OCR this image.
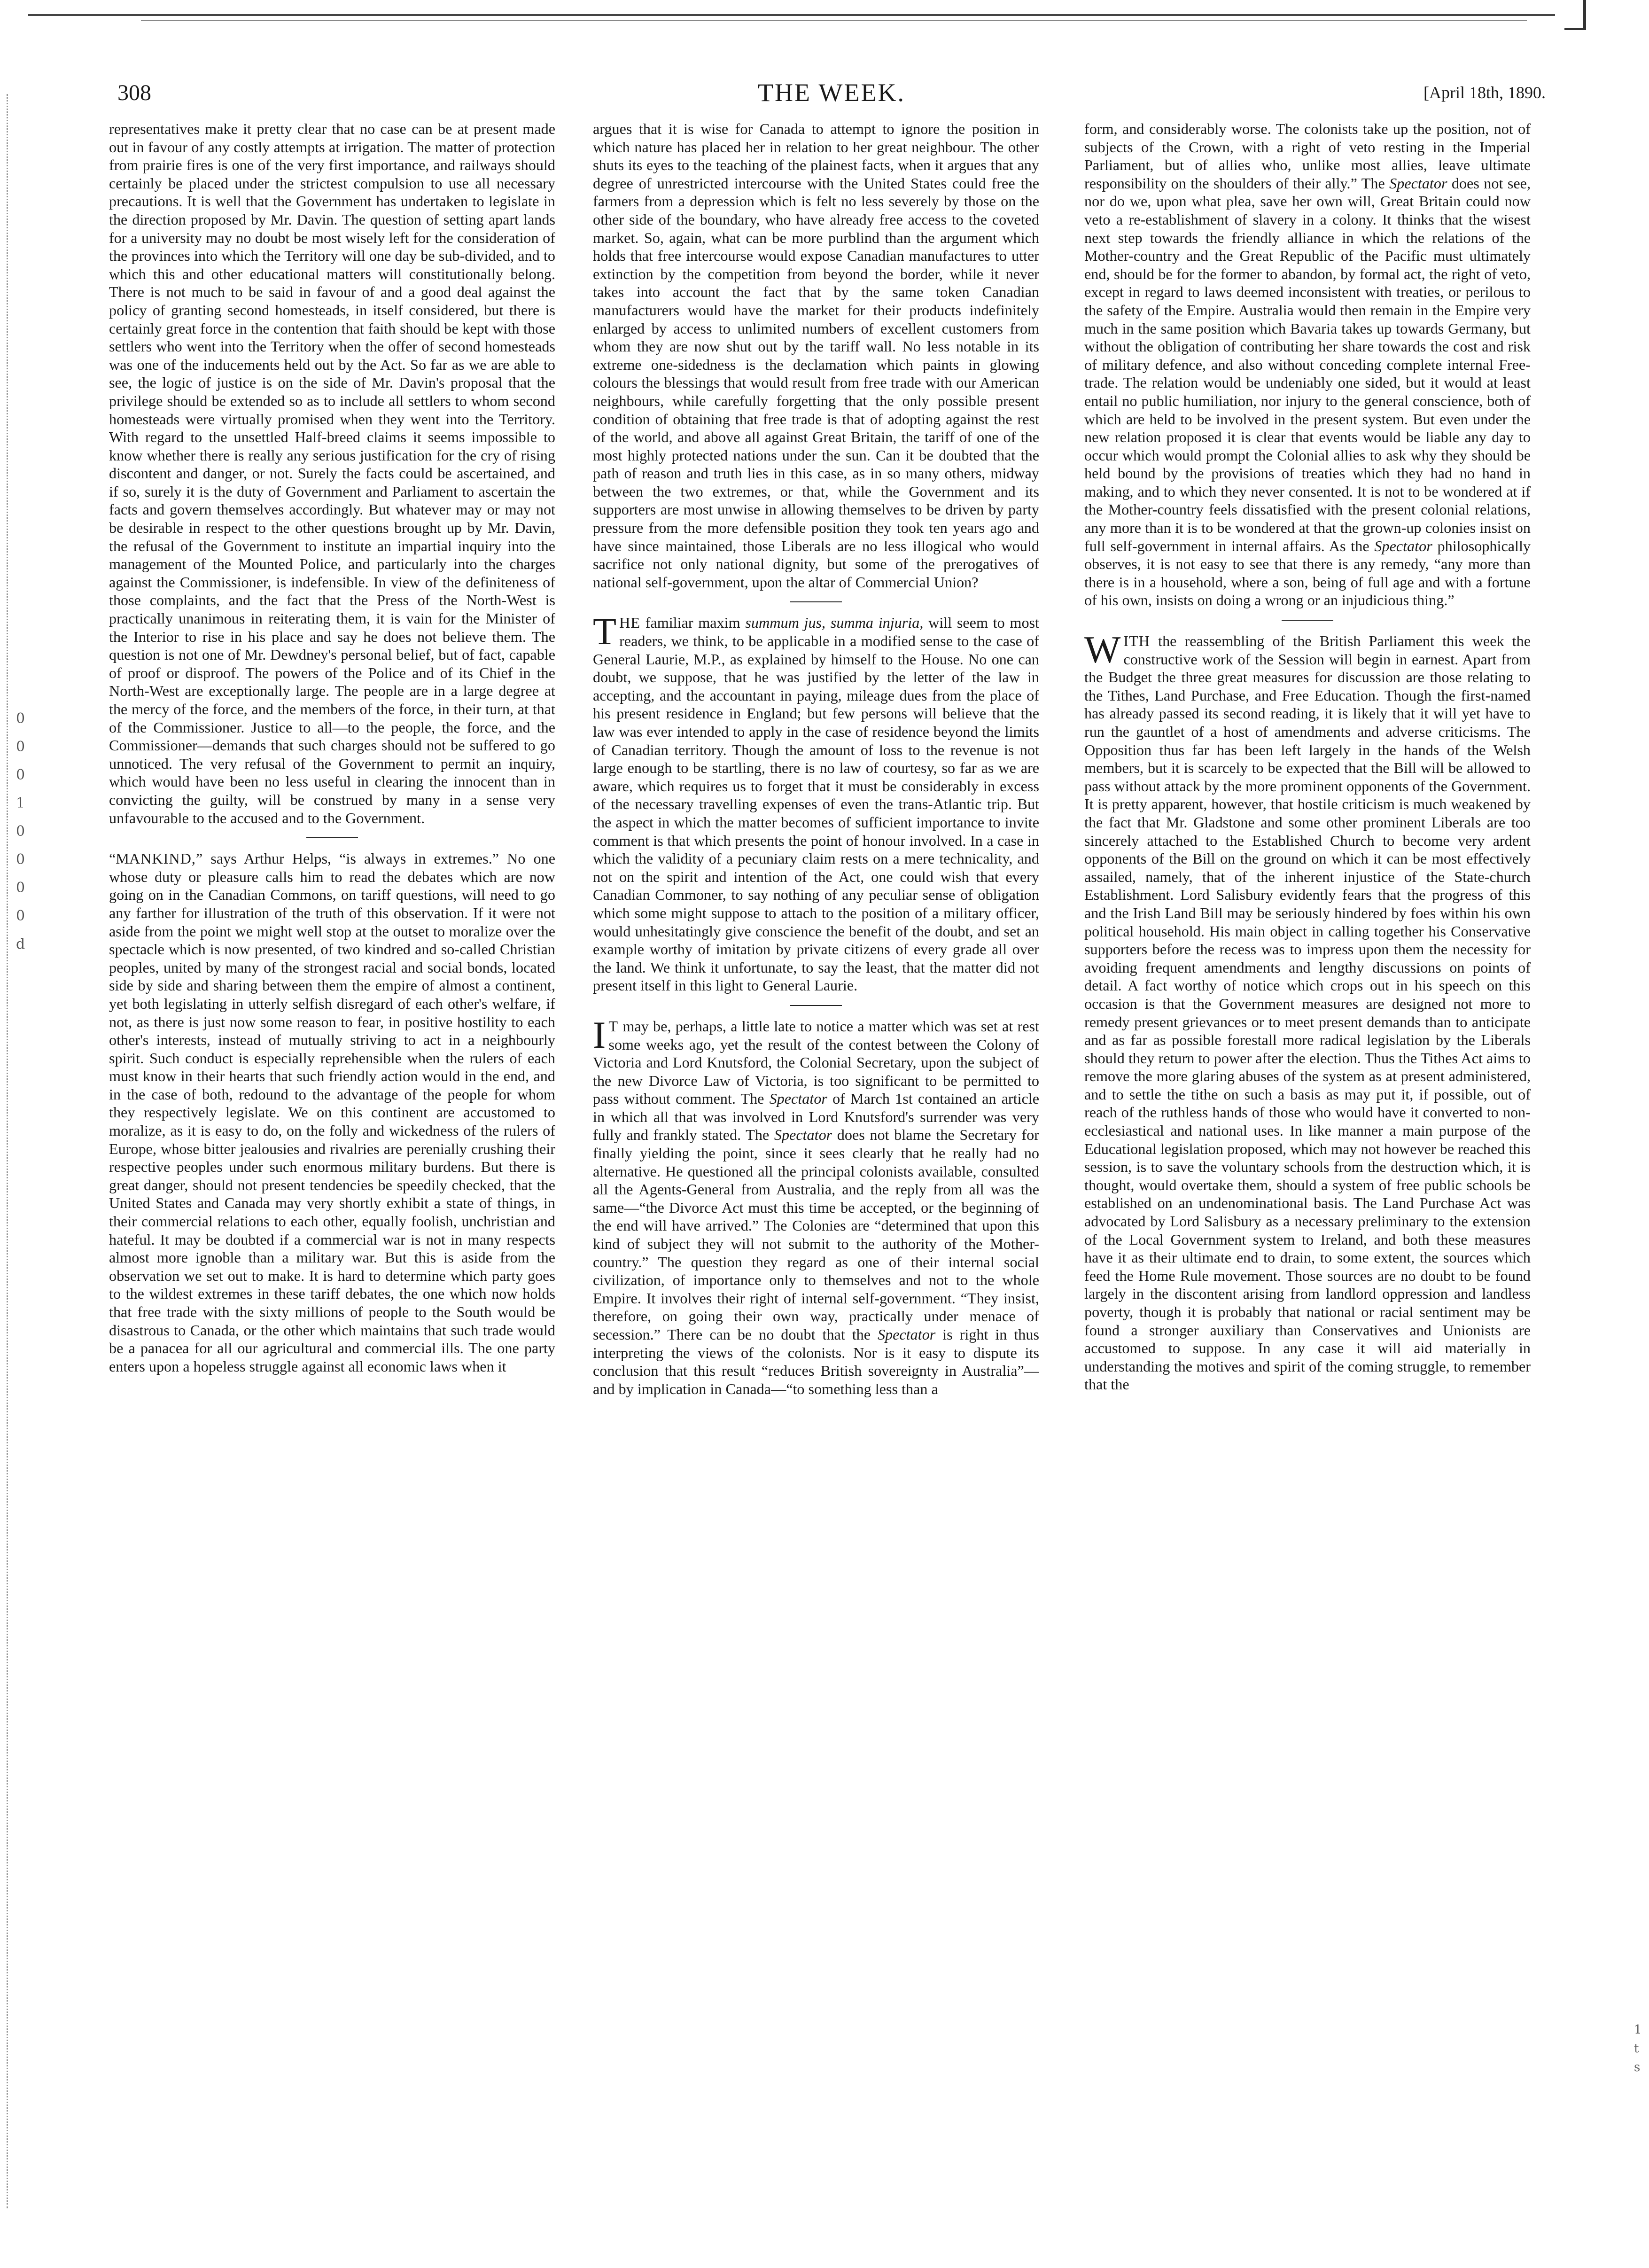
0
0
0
1
0
0
0
0
d
1
t
s
308	THE WEEK.	[April 18th, 1890.

representatives make it pretty clear that no case can be at present made out in favour of any costly attempts at irrigation. The matter of protection from prairie fires is one of the very first importance, and railways should certainly be placed under the strictest compulsion to use all necessary precautions. It is well that the Government has undertaken to legislate in the direction proposed by Mr. Davin. The question of setting apart lands for a university may no doubt be most wisely left for the consideration of the provinces into which the Territory will one day be sub-divided, and to which this and other educational matters will constitutionally belong. There is not much to be said in favour of and a good deal against the policy of granting second homesteads, in itself considered, but there is certainly great force in the contention that faith should be kept with those settlers who went into the Territory when the offer of second homesteads was one of the inducements held out by the Act. So far as we are able to see, the logic of justice is on the side of Mr. Davin's proposal that the privilege should be extended so as to include all settlers to whom second homesteads were virtually promised when they went into the Territory. With regard to the unsettled Half-breed claims it seems impossible to know whether there is really any serious justification for the cry of rising discontent and danger, or not. Surely the facts could be ascertained, and if so, surely it is the duty of Government and Parliament to ascertain the facts and govern themselves accordingly. But whatever may or may not be desirable in respect to the other questions brought up by Mr. Davin, the refusal of the Government to institute an impartial inquiry into the management of the Mounted Police, and particularly into the charges against the Commissioner, is indefensible. In view of the definiteness of those complaints, and the fact that the Press of the North-West is practically unanimous in reiterating them, it is vain for the Minister of the Interior to rise in his place and say he does not believe them. The question is not one of Mr. Dewdney's personal belief, but of fact, capable of proof or disproof. The powers of the Police and of its Chief in the North-West are exceptionally large. The people are in a large degree at the mercy of the force, and the members of the force, in their turn, at that of the Commissioner. Justice to all—to the people, the force, and the Commissioner—demands that such charges should not be suffered to go unnoticed. The very refusal of the Government to permit an inquiry, which would have been no less useful in clearing the innocent than in convicting the guilty, will be construed by many in a sense very unfavourable to the accused and to the Government.

“MANKIND,” says Arthur Helps, “is always in extremes.” No one whose duty or pleasure calls him to read the debates which are now going on in the Canadian Commons, on tariff questions, will need to go any farther for illustration of the truth of this observation. If it were not aside from the point we might well stop at the outset to moralize over the spectacle which is now presented, of two kindred and so-called Christian peoples, united by many of the strongest racial and social bonds, located side by side and sharing between them the empire of almost a continent, yet both legislating in utterly selfish disregard of each other's welfare, if not, as there is just now some reason to fear, in positive hostility to each other's interests, instead of mutually striving to act in a neighbourly spirit. Such conduct is especially reprehensible when the rulers of each must know in their hearts that such friendly action would in the end, and in the case of both, redound to the advantage of the people for whom they respectively legislate. We on this continent are accustomed to moralize, as it is easy to do, on the folly and wickedness of the rulers of Europe, whose bitter jealousies and rivalries are perenially crushing their respective peoples under such enormous military burdens. But there is great danger, should not present tendencies be speedily checked, that the United States and Canada may very shortly exhibit a state of things, in their commercial relations to each other, equally foolish, unchristian and hateful. It may be doubted if a commercial war is not in many respects almost more ignoble than a military war. But this is aside from the observation we set out to make. It is hard to determine which party goes to the wildest extremes in these tariff debates, the one which now holds that free trade with the sixty millions of people to the South would be disastrous to Canada, or the other which maintains that such trade would be a panacea for all our agricultural and commercial ills. The one party enters upon a hopeless struggle against all economic laws when it

argues that it is wise for Canada to attempt to ignore the position in which nature has placed her in relation to her great neighbour. The other shuts its eyes to the teaching of the plainest facts, when it argues that any degree of unrestricted intercourse with the United States could free the farmers from a depression which is felt no less severely by those on the other side of the boundary, who have already free access to the coveted market. So, again, what can be more purblind than the argument which holds that free intercourse would expose Canadian manufactures to utter extinction by the competition from beyond the border, while it never takes into account the fact that by the same token Canadian manufacturers would have the market for their products indefinitely enlarged by access to unlimited numbers of excellent customers from whom they are now shut out by the tariff wall. No less notable in its extreme one-sidedness is the declamation which paints in glowing colours the blessings that would result from free trade with our American neighbours, while carefully forgetting that the only possible present condition of obtaining that free trade is that of adopting against the rest of the world, and above all against Great Britain, the tariff of one of the most highly protected nations under the sun. Can it be doubted that the path of reason and truth lies in this case, as in so many others, midway between the two extremes, or that, while the Government and its supporters are most unwise in allowing themselves to be driven by party pressure from the more defensible position they took ten years ago and have since maintained, those Liberals are no less illogical who would sacrifice not only national dignity, but some of the prerogatives of national self-government, upon the altar of Commercial Union?

THE familiar maxim summum jus, summa injuria, will seem to most readers, we think, to be applicable in a modified sense to the case of General Laurie, M.P., as explained by himself to the House. No one can doubt, we suppose, that he was justified by the letter of the law in accepting, and the accountant in paying, mileage dues from the place of his present residence in England; but few persons will believe that the law was ever intended to apply in the case of residence beyond the limits of Canadian territory. Though the amount of loss to the revenue is not large enough to be startling, there is no law of courtesy, so far as we are aware, which requires us to forget that it must be considerably in excess of the necessary travelling expenses of even the trans-Atlantic trip. But the aspect in which the matter becomes of sufficient importance to invite comment is that which presents the point of honour involved. In a case in which the validity of a pecuniary claim rests on a mere technicality, and not on the spirit and intention of the Act, one could wish that every Canadian Commoner, to say nothing of any peculiar sense of obligation which some might suppose to attach to the position of a military officer, would unhesitatingly give conscience the benefit of the doubt, and set an example worthy of imitation by private citizens of every grade all over the land. We think it unfortunate, to say the least, that the matter did not present itself in this light to General Laurie.

I T may be, perhaps, a little late to notice a matter which was set at rest some weeks ago, yet the result of the contest between the Colony of Victoria and Lord Knutsford, the Colonial Secretary, upon the subject of the new Divorce Law of Victoria, is too significant to be permitted to pass without comment. The Spectator of March 1st contained an article in which all that was involved in Lord Knutsford's surrender was very fully and frankly stated. The Spectator does not blame the Secretary for finally yielding the point, since it sees clearly that he really had no alternative. He questioned all the principal colonists available, consulted all the Agents-General from Australia, and the reply from all was the same—“the Divorce Act must this time be accepted, or the beginning of the end will have arrived.” The Colonies are “determined that upon this kind of subject they will not submit to the authority of the Mother-country.” The question they regard as one of their internal social civilization, of importance only to themselves and not to the whole Empire. It involves their right of internal self-government. “They insist, therefore, on going their own way, practically under menace of secession.” There can be no doubt that the Spectator is right in thus interpreting the views of the colonists. Nor is it easy to dispute its conclusion that this result “reduces British sovereignty in Australia”—and by implication in Canada—“to something less than a

form, and considerably worse. The colonists take up the position, not of subjects of the Crown, with a right of veto resting in the Imperial Parliament, but of allies who, unlike most allies, leave ultimate responsibility on the shoulders of their ally.” The Spectator does not see, nor do we, upon what plea, save her own will, Great Britain could now veto a re-establishment of slavery in a colony. It thinks that the wisest next step towards the friendly alliance in which the relations of the Mother-country and the Great Republic of the Pacific must ultimately end, should be for the former to abandon, by formal act, the right of veto, except in regard to laws deemed inconsistent with treaties, or perilous to the safety of the Empire. Australia would then remain in the Empire very much in the same position which Bavaria takes up towards Germany, but without the obligation of contributing her share towards the cost and risk of military defence, and also without conceding complete internal Free-trade. The relation would be undeniably one sided, but it would at least entail no public humiliation, nor injury to the general conscience, both of which are held to be involved in the present system. But even under the new relation proposed it is clear that events would be liable any day to occur which would prompt the Colonial allies to ask why they should be held bound by the provisions of treaties which they had no hand in making, and to which they never consented. It is not to be wondered at if the Mother-country feels dissatisfied with the present colonial relations, any more than it is to be wondered at that the grown-up colonies insist on full self-government in internal affairs. As the Spectator philosophically observes, it is not easy to see that there is any remedy, “any more than there is in a household, where a son, being of full age and with a fortune of his own, insists on doing a wrong or an injudicious thing.”

WITH the reassembling of the British Parliament this week the constructive work of the Session will begin in earnest. Apart from the Budget the three great measures for discussion are those relating to the Tithes, Land Purchase, and Free Education. Though the first-named has already passed its second reading, it is likely that it will yet have to run the gauntlet of a host of amendments and adverse criticisms. The Opposition thus far has been left largely in the hands of the Welsh members, but it is scarcely to be expected that the Bill will be allowed to pass without attack by the more prominent opponents of the Government. It is pretty apparent, however, that hostile criticism is much weakened by the fact that Mr. Gladstone and some other prominent Liberals are too sincerely attached to the Established Church to become very ardent opponents of the Bill on the ground on which it can be most effectively assailed, namely, that of the inherent injustice of the State-church Establishment. Lord Salisbury evidently fears that the progress of this and the Irish Land Bill may be seriously hindered by foes within his own political household. His main object in calling together his Conservative supporters before the recess was to impress upon them the necessity for avoiding frequent amendments and lengthy discussions on points of detail. A fact worthy of notice which crops out in his speech on this occasion is that the Government measures are designed not more to remedy present grievances or to meet present demands than to anticipate and as far as possible forestall more radical legislation by the Liberals should they return to power after the election. Thus the Tithes Act aims to remove the more glaring abuses of the system as at present administered, and to settle the tithe on such a basis as may put it, if possible, out of reach of the ruthless hands of those who would have it converted to non-ecclesiastical and national uses. In like manner a main purpose of the Educational legislation proposed, which may not however be reached this session, is to save the voluntary schools from the destruction which, it is thought, would overtake them, should a system of free public schools be established on an undenominational basis. The Land Purchase Act was advocated by Lord Salisbury as a necessary preliminary to the extension of the Local Government system to Ireland, and both these measures have it as their ultimate end to drain, to some extent, the sources which feed the Home Rule movement. Those sources are no doubt to be found largely in the discontent arising from landlord oppression and landless poverty, though it is probably that national or racial sentiment may be found a stronger auxiliary than Conservatives and Unionists are accustomed to suppose. In any case it will aid materially in understanding the motives and spirit of the coming struggle, to remember that the
